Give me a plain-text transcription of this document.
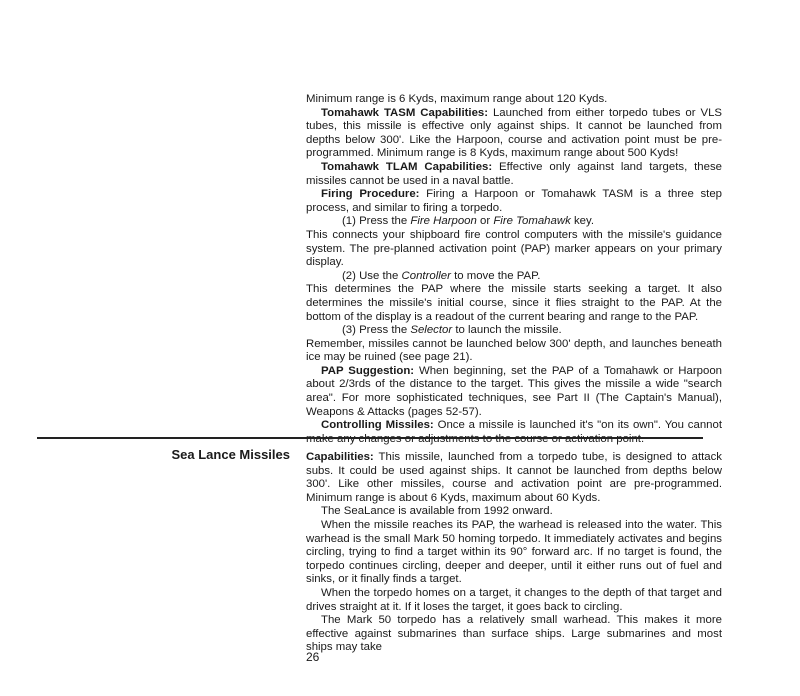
Minimum range is 6 Kyds, maximum range about 120 Kyds.

Tomahawk TASM Capabilities: Launched from either torpedo tubes or VLS tubes, this missile is effective only against ships. It cannot be launched from depths below 300'. Like the Harpoon, course and activation point must be pre-programmed. Minimum range is 8 Kyds, maximum range about 500 Kyds!

Tomahawk TLAM Capabilities: Effective only against land targets, these missiles cannot be used in a naval battle.

Firing Procedure: Firing a Harpoon or Tomahawk TASM is a three step process, and similar to firing a torpedo.

(1) Press the Fire Harpoon or Fire Tomahawk key.

This connects your shipboard fire control computers with the missile's guidance system. The pre-planned activation point (PAP) marker appears on your primary display.

(2) Use the Controller to move the PAP.

This determines the PAP where the missile starts seeking a target. It also determines the missile's initial course, since it flies straight to the PAP. At the bottom of the display is a readout of the current bearing and range to the PAP.

(3) Press the Selector to launch the missile.

Remember, missiles cannot be launched below 300' depth, and launches beneath ice may be ruined (see page 21).

PAP Suggestion: When beginning, set the PAP of a Tomahawk or Harpoon about 2/3rds of the distance to the target. This gives the missile a wide "search area". For more sophisticated techniques, see Part II (The Captain's Manual), Weapons & Attacks (pages 52-57).

Controlling Missiles: Once a missile is launched it's "on its own". You cannot make any changes or adjustments to the course or activation point.

Sea Lance Missiles Capabilities: This missile, launched from a torpedo tube, is designed to attack subs. It could be used against ships. It cannot be launched from depths below 300'. Like other missiles, course and activation point are pre-programmed. Minimum range is about 6 Kyds, maximum about 60 Kyds.

The SeaLance is available from 1992 onward.

When the missile reaches its PAP, the warhead is released into the water. This warhead is the small Mark 50 homing torpedo. It immediately activates and begins circling, trying to find a target within its 90° forward arc. If no target is found, the torpedo continues circling, deeper and deeper, until it either runs out of fuel and sinks, or it finally finds a target.

When the torpedo homes on a target, it changes to the depth of that target and drives straight at it. If it loses the target, it goes back to circling.

The Mark 50 torpedo has a relatively small warhead. This makes it more effective against submarines than surface ships. Large submarines and most ships may take

26
